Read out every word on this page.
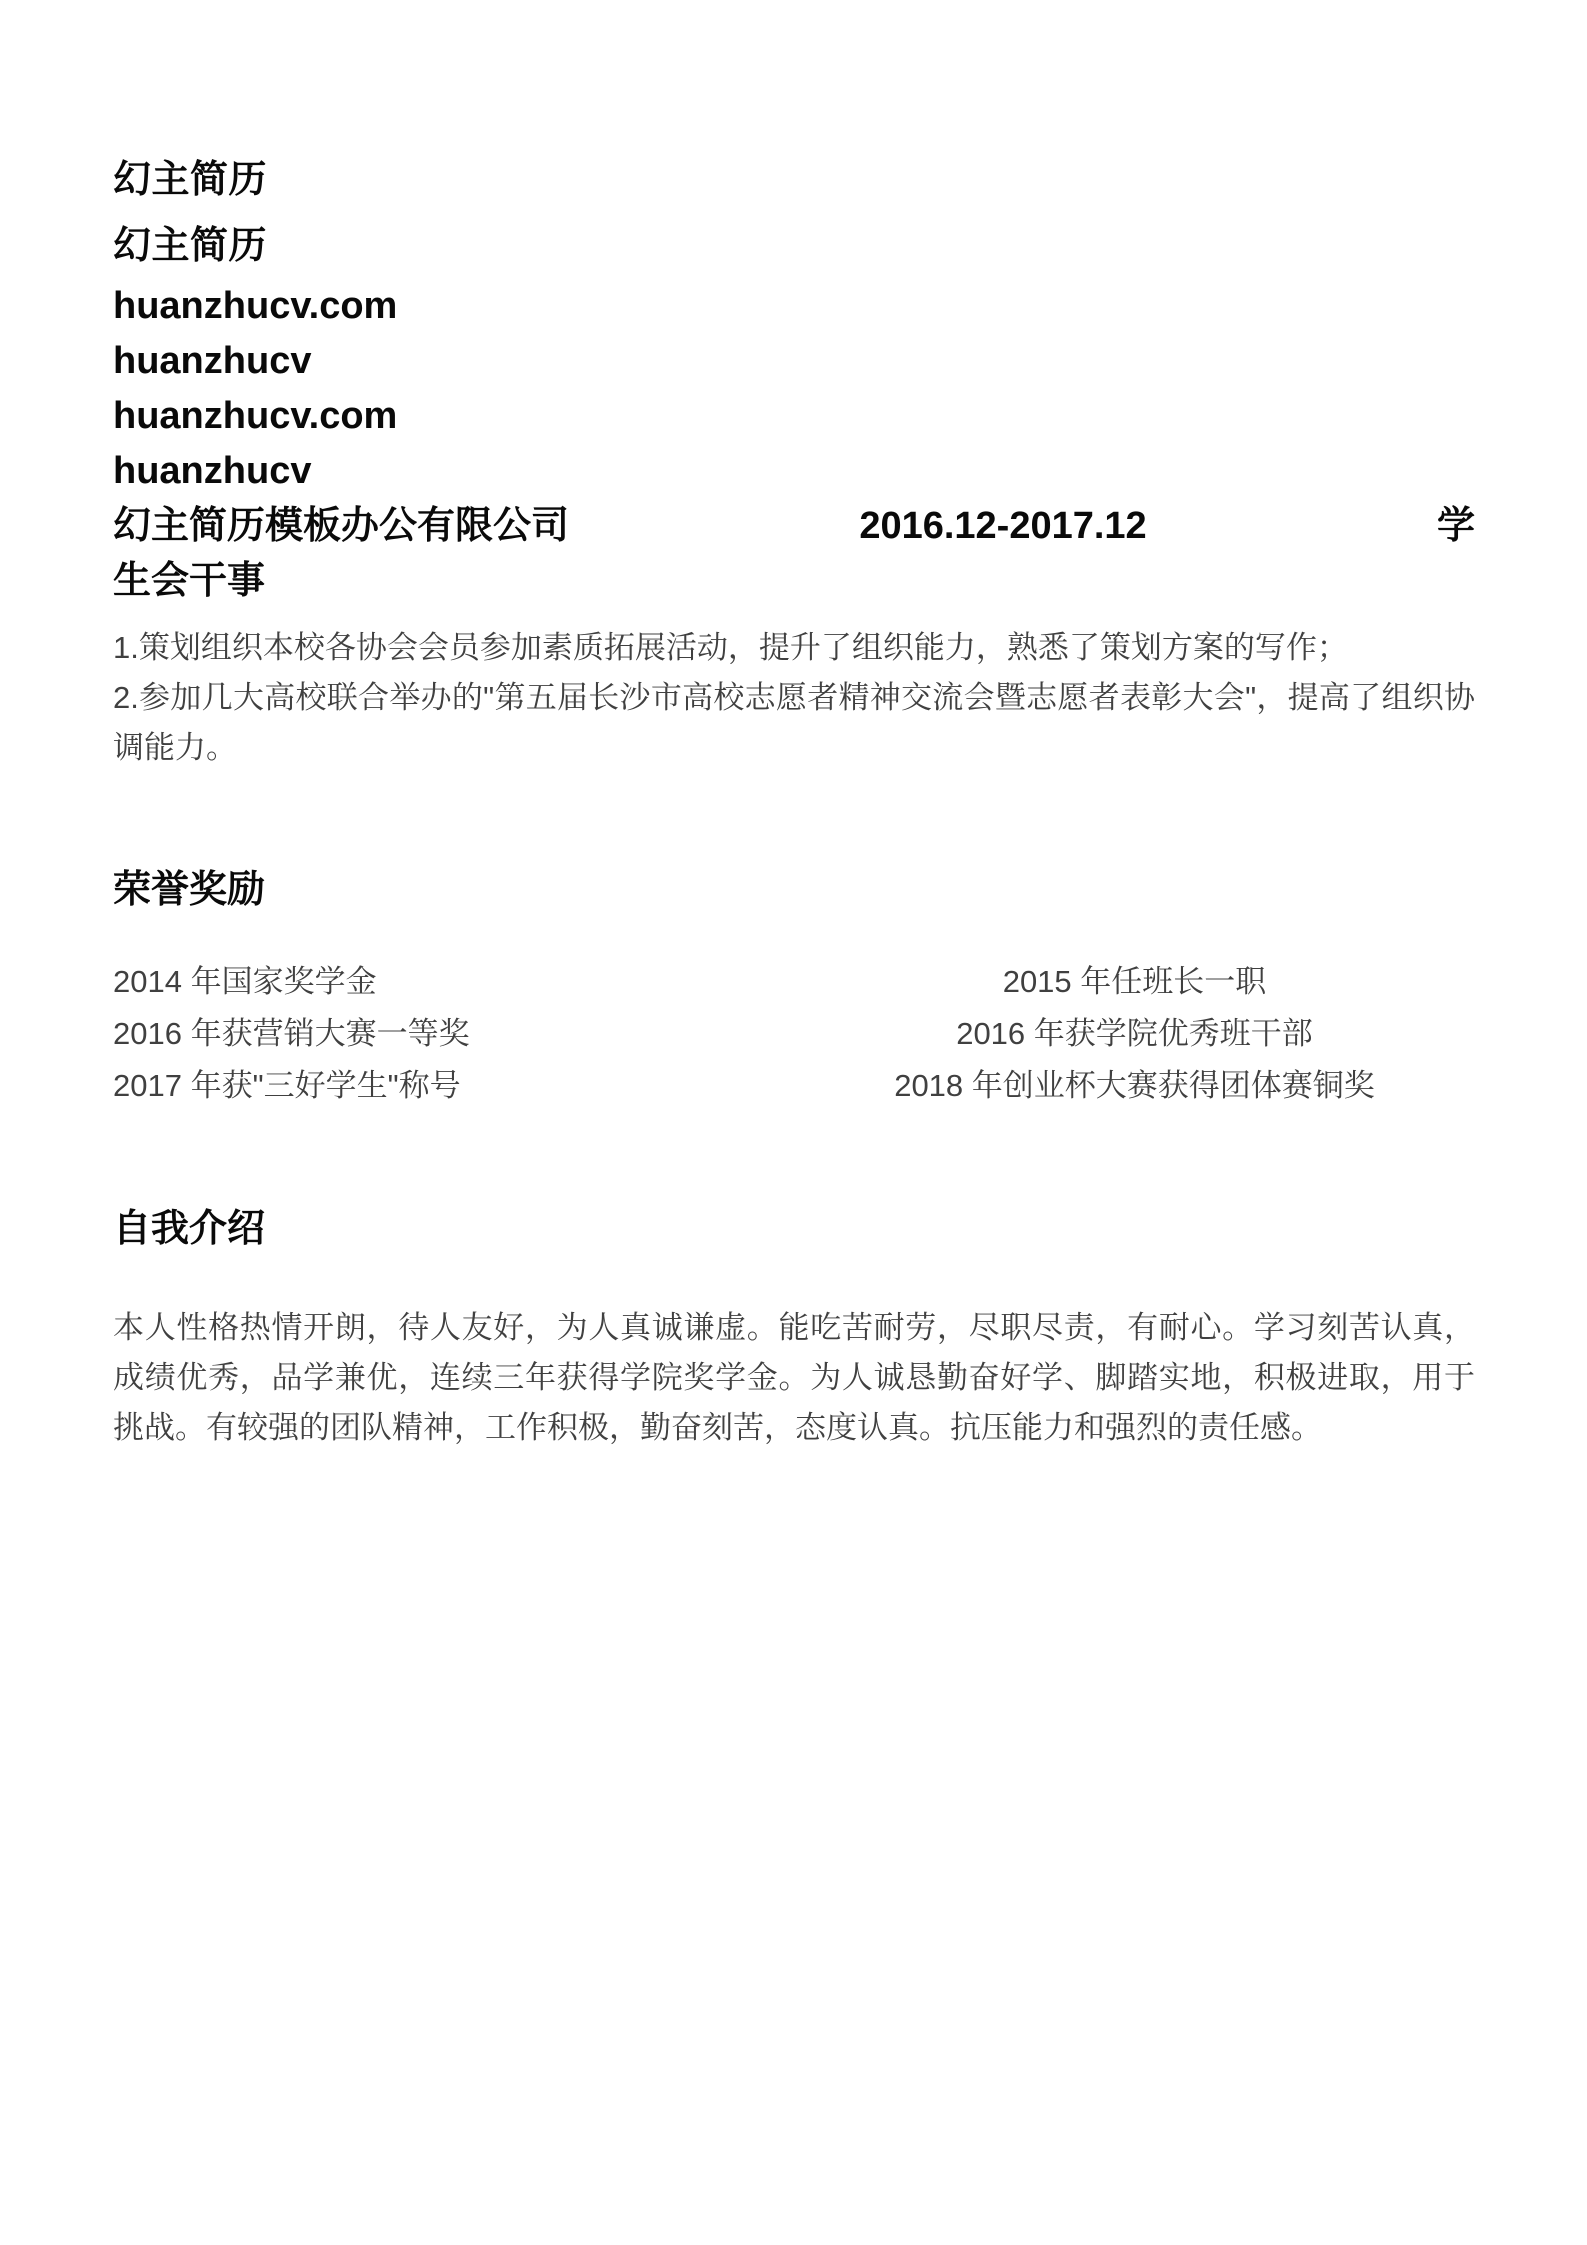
幻主简历
幻主简历
huanzhucv.com
huanzhucv
huanzhucv.com
huanzhucv
幻主简历模板办公有限公司	2016.12-2017.12	学
生会干事

1.策划组织本校各协会会员参加素质拓展活动，提升了组织能力，熟悉了策划方案的写作；

2.参加几大高校联合举办的"第五届长沙市高校志愿者精神交流会暨志愿者表彰大会"，提高了组织协调能力。

荣誉奖励
2014 年国家奖学金	2015 年任班长一职
2016 年获营销大赛一等奖	2016 年获学院优秀班干部
2017 年获"三好学生"称号	2018 年创业杯大赛获得团体赛铜奖
自我介绍

本人性格热情开朗，待人友好，为人真诚谦虚。能吃苦耐劳，尽职尽责，有耐心。学习刻苦认真，成绩优秀，品学兼优，连续三年获得学院奖学金。为人诚恳勤奋好学、脚踏实地，积极进取，用于挑战。有较强的团队精神，工作积极，勤奋刻苦，态度认真。抗压能力和强烈的责任感。
